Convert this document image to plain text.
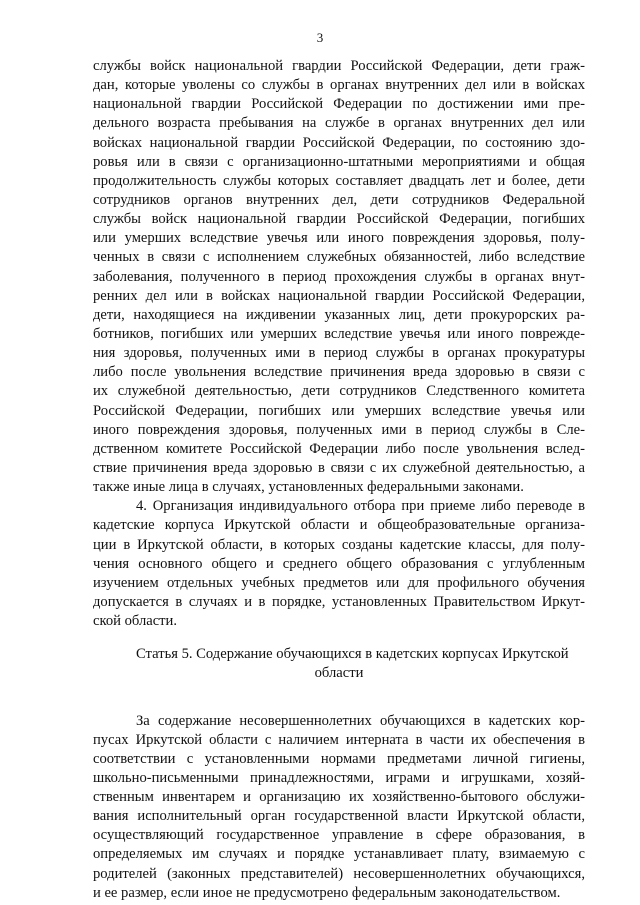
3
службы войск национальной гвардии Российской Федерации, дети граж-
дан, которые уволены со службы в органах внутренних дел или в войсках
национальной гвардии Российской Федерации по достижении ими пре-
дельного возраста пребывания на службе в органах внутренних дел или
войсках национальной гвардии Российской Федерации, по состоянию здо-
ровья или в связи с организационно-штатными мероприятиями и общая
продолжительность службы которых составляет двадцать лет и более, дети
сотрудников органов внутренних дел, дети сотрудников Федеральной
службы войск национальной гвардии Российской Федерации, погибших
или умерших вследствие увечья или иного повреждения здоровья, полу-
ченных в связи с исполнением служебных обязанностей, либо вследствие
заболевания, полученного в период прохождения службы в органах внут-
ренних дел или в войсках национальной гвардии Российской Федерации,
дети, находящиеся на иждивении указанных лиц, дети прокурорских ра-
ботников, погибших или умерших вследствие увечья или иного поврежде-
ния здоровья, полученных ими в период службы в органах прокуратуры
либо после увольнения вследствие причинения вреда здоровью в связи с
их служебной деятельностью, дети сотрудников Следственного комитета
Российской Федерации, погибших или умерших вследствие увечья или
иного повреждения здоровья, полученных ими в период службы в Сле-
дственном комитете Российской Федерации либо после увольнения вслед-
ствие причинения вреда здоровью в связи с их служебной деятельностью, а
также иные лица в случаях, установленных федеральными законами.
4. Организация индивидуального отбора при приеме либо переводе в
кадетские корпуса Иркутской области и общеобразовательные организа-
ции в Иркутской области, в которых созданы кадетские классы, для полу-
чения основного общего и среднего общего образования с углубленным
изучением отдельных учебных предметов или для профильного обучения
допускается в случаях и в порядке, установленных Правительством Иркут-
ской области.
Статья 5. Содержание обучающихся в кадетских корпусах Иркутской
области
За содержание несовершеннолетних обучающихся в кадетских кор-
пусах Иркутской области с наличием интерната в части их обеспечения в
соответствии с установленными нормами предметами личной гигиены,
школьно-письменными принадлежностями, играми и игрушками, хозяй-
ственным инвентарем и организацию их хозяйственно-бытового обслужи-
вания исполнительный орган государственной власти Иркутской области,
осуществляющий государственное управление в сфере образования, в
определяемых им случаях и порядке устанавливает плату, взимаемую с
родителей (законных представителей) несовершеннолетних обучающихся,
и ее размер, если иное не предусмотрено федеральным законодательством.
